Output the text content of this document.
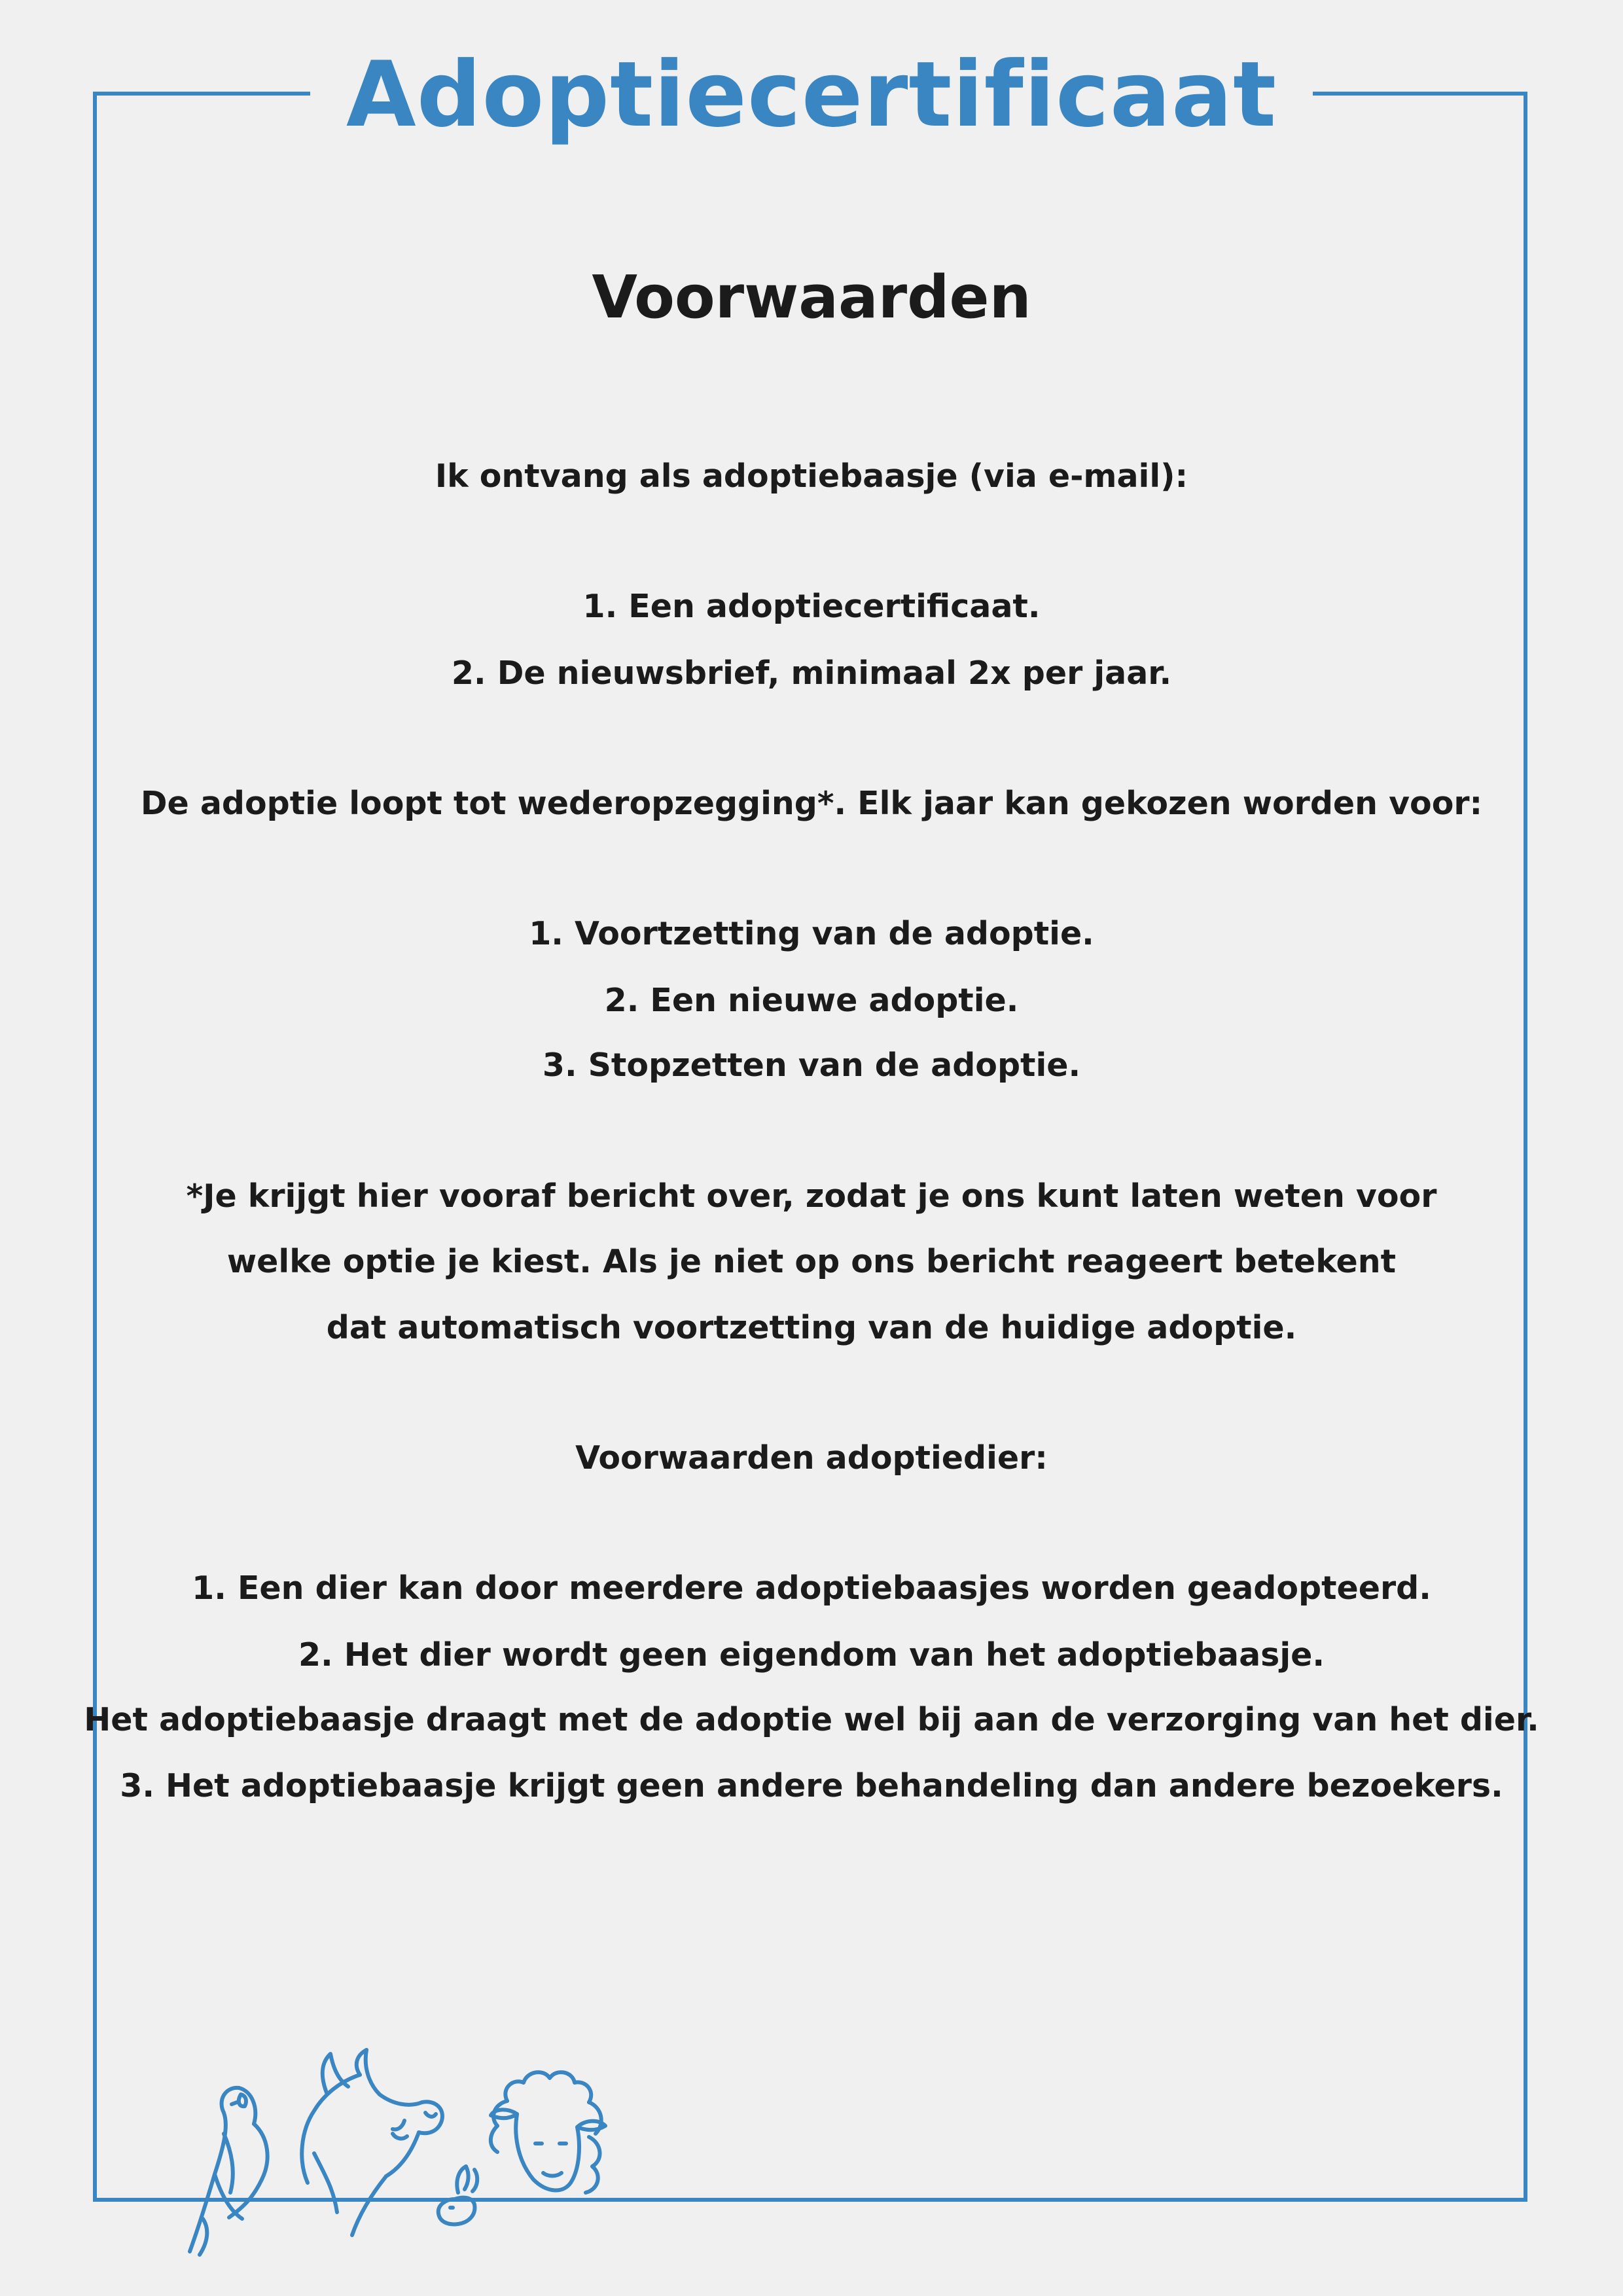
Adoptiecertificaat
Voorwaarden
Ik ontvang als adoptiebaasje (via e-mail):
1. Een adoptiecertificaat.
2. De nieuwsbrief, minimaal 2x per jaar.
De adoptie loopt tot wederopzegging*. Elk jaar kan gekozen worden voor:
1. Voortzetting van de adoptie.
2. Een nieuwe adoptie.
3. Stopzetten van de adoptie.
*Je krijgt hier vooraf bericht over, zodat je ons kunt laten weten voor
welke optie je kiest. Als je niet op ons bericht reageert betekent
dat automatisch voortzetting van de huidige adoptie.
Voorwaarden adoptiedier:
1. Een dier kan door meerdere adoptiebaasjes worden geadopteerd.
2. Het dier wordt geen eigendom van het adoptiebaasje.
Het adoptiebaasje draagt met de adoptie wel bij aan de verzorging van het dier.
3. Het adoptiebaasje krijgt geen andere behandeling dan andere bezoekers.
